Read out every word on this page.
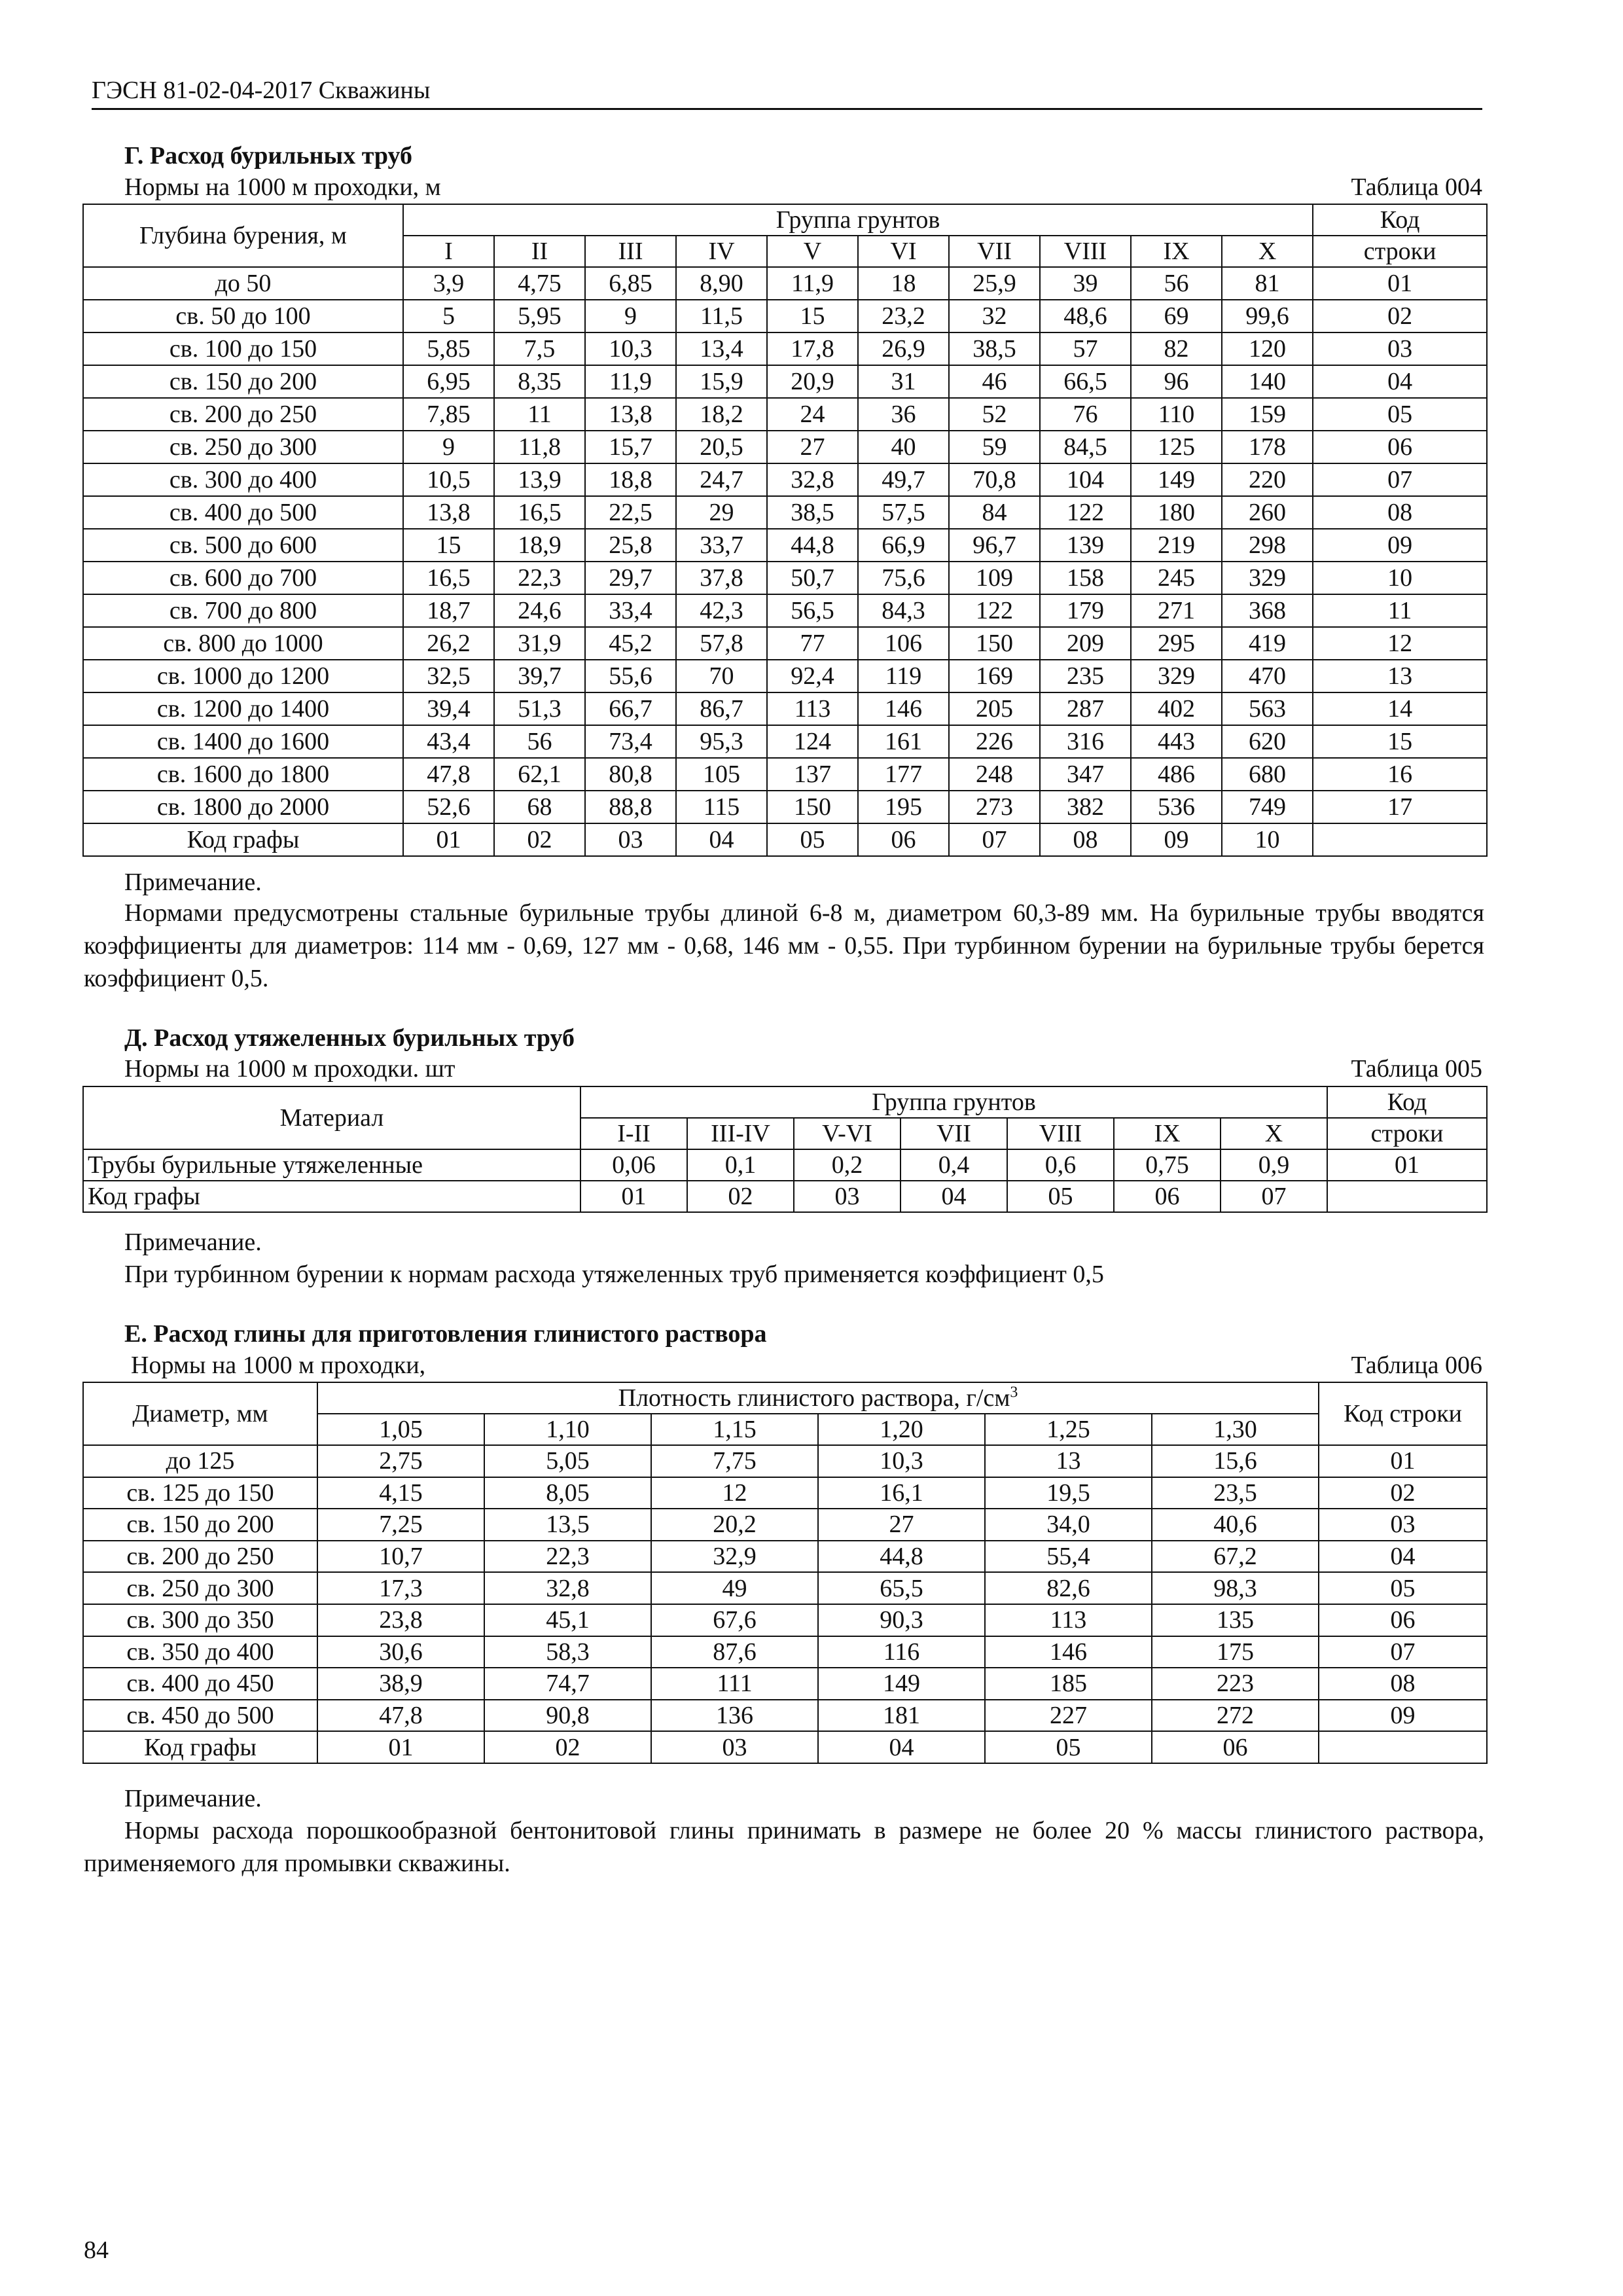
ГЭСН 81-02-04-2017 Скважины
Г. Расход бурильных труб
Нормы на 1000 м проходки, м	Таблица 004
Глубина бурения, м	Группа грунтов										Код
	I	II	III	IV	V	VI	VII	VIII	IX	X	строки
до 50	3,9	4,75	6,85	8,90	11,9	18	25,9	39	56	81	01
св. 50 до 100	5	5,95	9	11,5	15	23,2	32	48,6	69	99,6	02
св. 100 до 150	5,85	7,5	10,3	13,4	17,8	26,9	38,5	57	82	120	03
св. 150 до 200	6,95	8,35	11,9	15,9	20,9	31	46	66,5	96	140	04
св. 200 до 250	7,85	11	13,8	18,2	24	36	52	76	110	159	05
св. 250 до 300	9	11,8	15,7	20,5	27	40	59	84,5	125	178	06
св. 300 до 400	10,5	13,9	18,8	24,7	32,8	49,7	70,8	104	149	220	07
св. 400 до 500	13,8	16,5	22,5	29	38,5	57,5	84	122	180	260	08
св. 500 до 600	15	18,9	25,8	33,7	44,8	66,9	96,7	139	219	298	09
св. 600 до 700	16,5	22,3	29,7	37,8	50,7	75,6	109	158	245	329	10
св. 700 до 800	18,7	24,6	33,4	42,3	56,5	84,3	122	179	271	368	11
св. 800 до 1000	26,2	31,9	45,2	57,8	77	106	150	209	295	419	12
св. 1000 до 1200	32,5	39,7	55,6	70	92,4	119	169	235	329	470	13
св. 1200 до 1400	39,4	51,3	66,7	86,7	113	146	205	287	402	563	14
св. 1400 до 1600	43,4	56	73,4	95,3	124	161	226	316	443	620	15
св. 1600 до 1800	47,8	62,1	80,8	105	137	177	248	347	486	680	16
св. 1800 до 2000	52,6	68	88,8	115	150	195	273	382	536	749	17
Код графы	01	02	03	04	05	06	07	08	09	10	
Примечание.
Нормами предусмотрены стальные бурильные трубы длиной 6-8 м, диаметром 60,3-89 мм. На бурильные трубы вводятся коэффициенты для диаметров: 114 мм - 0,69, 127 мм - 0,68, 146 мм - 0,55. При турбинном бурении на бурильные трубы берется коэффициент 0,5.
Д. Расход утяжеленных бурильных труб
Нормы на 1000 м проходки. шт	Таблица 005
Материал	Группа грунтов							Код
	I-II	III-IV	V-VI	VII	VIII	IX	X	строки
Трубы бурильные утяжеленные	0,06	0,1	0,2	0,4	0,6	0,75	0,9	01
Код графы	01	02	03	04	05	06	07	
Примечание.
При турбинном бурении к нормам расхода утяжеленных труб применяется коэффициент 0,5
Е. Расход глины для приготовления глинистого раствора
Нормы на 1000 м проходки,	Таблица 006
Диаметр, мм	Плотность глинистого раствора, $г/см^3$						Код строки
	1,05	1,10	1,15	1,20	1,25	1,30	
до 125	2,75	5,05	7,75	10,3	13	15,6	01
св. 125 до 150	4,15	8,05	12	16,1	19,5	23,5	02
св. 150 до 200	7,25	13,5	20,2	27	34,0	40,6	03
св. 200 до 250	10,7	22,3	32,9	44,8	55,4	67,2	04
св. 250 до 300	17,3	32,8	49	65,5	82,6	98,3	05
св. 300 до 350	23,8	45,1	67,6	90,3	113	135	06
св. 350 до 400	30,6	58,3	87,6	116	146	175	07
св. 400 до 450	38,9	74,7	111	149	185	223	08
св. 450 до 500	47,8	90,8	136	181	227	272	09
Код графы	01	02	03	04	05	06	
Примечание.
Нормы расхода порошкообразной бентонитовой глины принимать в размере не более 20 % массы глинистого раствора, применяемого для промывки скважины.
84
